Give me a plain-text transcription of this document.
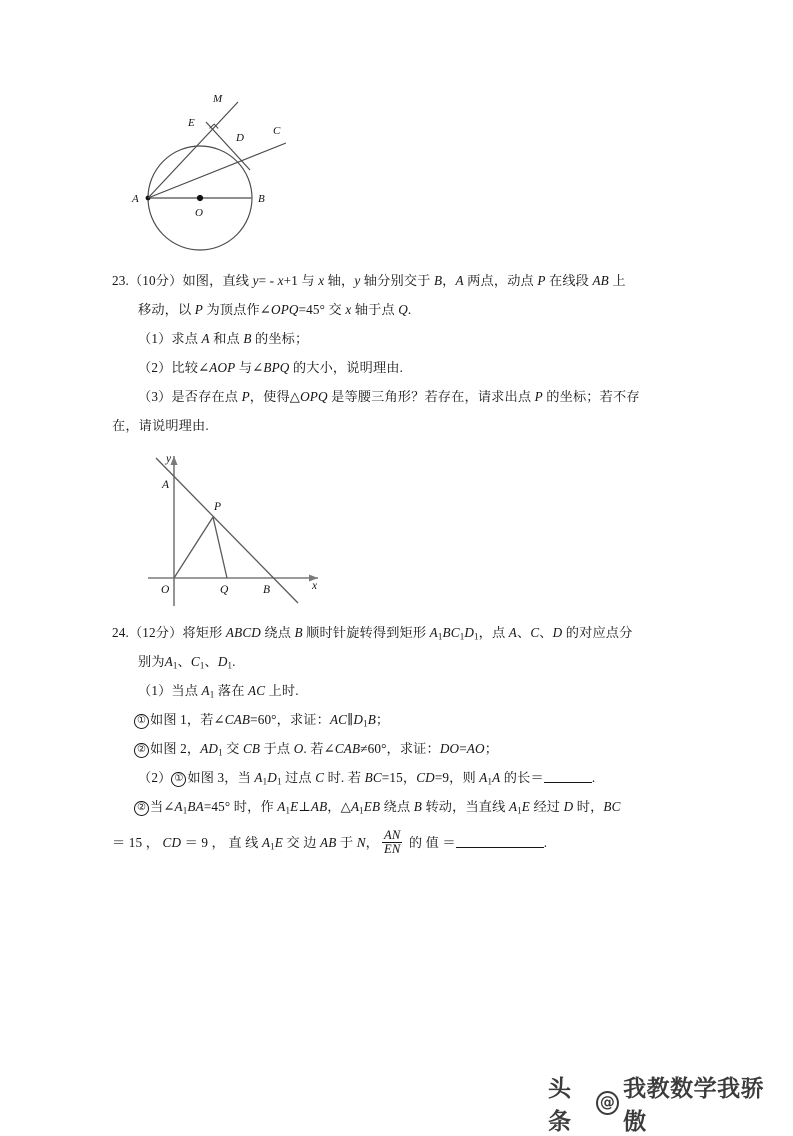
M
E
D
C
A	B
O
23.（10分）如图，直线 y= - x+1 与 x 轴，y 轴分别交于 B，A 两点，动点 P 在线段 AB 上
移动，以 P 为顶点作∠OPQ=45° 交 x 轴于点 Q.
（1）求点 A 和点 B 的坐标；
（2）比较∠AOP 与∠BPQ 的大小，说明理由.
（3）是否存在点 P，使得△OPQ 是等腰三角形？若存在，请求出点 P 的坐标；若不存
在，请说明理由.
y
x
A
P
O	Q	B
24.（12分）将矩形 ABCD 绕点 B 顺时针旋转得到矩形 $A_1BC_1D_1$，点 A、C、D 的对应点分
别为$A_1$、$C_1$、$D_1$.
（1）当点 $A_1$ 落在 AC 上时.
① 如图 1，若∠CAB=60°，求证：$AC\parallel D_1B$；
② 如图 2，$AD_1$ 交 CB 于点 O. 若∠CAB≠60°，求证：DO=AO；
（2） ① 如图 3，当 $A_1D_1$ 过点 C 时. 若 BC=15，CD=9，则 $A_1A$ 的长＝	.
② 当$\angle A_1BA=45^\circ$ 时，作 $A_1E\perp AB$，$\triangle A_1EB$ 绕点 B 转动，当直线 $A_1E$ 经过 D 时，BC
＝ 15 ， CD ＝ 9 ， 直 线 $A_1E$ 交 边 AB 于 N， $\frac{AN}{EN}$ 的 值 ＝	.
头条
@ 我教数学我骄傲
